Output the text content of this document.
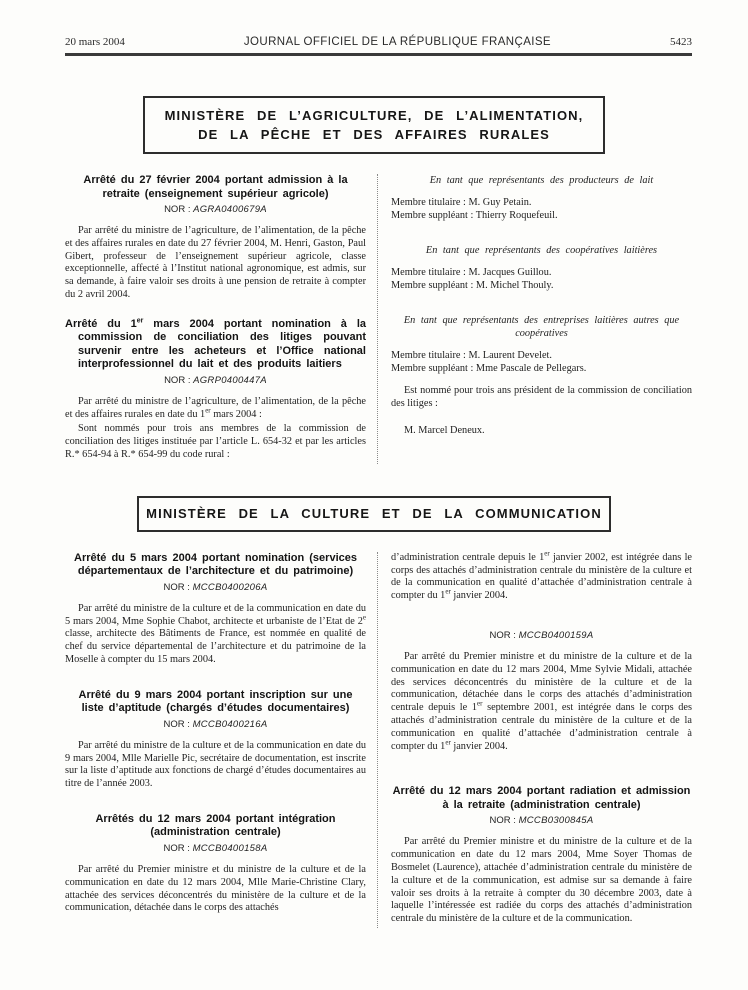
20 mars 2004	JOURNAL OFFICIEL DE LA RÉPUBLIQUE FRANÇAISE	5423
MINISTÈRE DE L’AGRICULTURE, DE L’ALIMENTATION, DE LA PÊCHE ET DES AFFAIRES RURALES

Arrêté du 27 février 2004 portant admission à la retraite (enseignement supérieur agricole)

NOR : AGRA0400679A

Par arrêté du ministre de l’agriculture, de l’alimentation, de la pêche et des affaires rurales en date du 27 février 2004, M. Henri, Gaston, Paul Gibert, professeur de l’enseignement supérieur agricole, classe exceptionnelle, affecté à l’Institut national agronomique, est admis, sur sa demande, à faire valoir ses droits à une pension de retraite à compter du 2 avril 2004.

Arrêté du 1er mars 2004 portant nomination à la commission de conciliation des litiges pouvant survenir entre les acheteurs et l’Office national interprofessionnel du lait et des produits laitiers

NOR : AGRP0400447A

Par arrêté du ministre de l’agriculture, de l’alimentation, de la pêche et des affaires rurales en date du 1er mars 2004 :

Sont nommés pour trois ans membres de la commission de conciliation des litiges instituée par l’article L. 654-32 et par les articles R.* 654-94 à R.* 654-99 du code rural :

En tant que représentants des producteurs de lait

Membre titulaire : M. Guy Petain.

Membre suppléant : Thierry Roquefeuil.

En tant que représentants des coopératives laitières

Membre titulaire : M. Jacques Guillou.

Membre suppléant : M. Michel Thouly.

En tant que représentants des entreprises laitières autres que coopératives

Membre titulaire : M. Laurent Develet.

Membre suppléant : Mme Pascale de Pellegars.

Est nommé pour trois ans président de la commission de conciliation des litiges :

M. Marcel Deneux.

MINISTÈRE DE LA CULTURE ET DE LA COMMUNICATION

Arrêté du 5 mars 2004 portant nomination (services départementaux de l’architecture et du patrimoine)

NOR : MCCB0400206A

Par arrêté du ministre de la culture et de la communication en date du 5 mars 2004, Mme Sophie Chabot, architecte et urbaniste de l’Etat de 2e classe, architecte des Bâtiments de France, est nommée en qualité de chef du service départemental de l’architecture et du patrimoine de la Moselle à compter du 15 mars 2004.

Arrêté du 9 mars 2004 portant inscription sur une liste d’aptitude (chargés d’études documentaires)

NOR : MCCB0400216A

Par arrêté du ministre de la culture et de la communication en date du 9 mars 2004, Mlle Marielle Pic, secrétaire de documentation, est inscrite sur la liste d’aptitude aux fonctions de chargé d’études documentaires au titre de l’année 2003.

Arrêtés du 12 mars 2004 portant intégration (administration centrale)

NOR : MCCB0400158A

Par arrêté du Premier ministre et du ministre de la culture et de la communication en date du 12 mars 2004, Mlle Marie-Christine Clary, attachée des services déconcentrés du ministère de la culture et de la communication, détachée dans le corps des attachés

d’administration centrale depuis le 1er janvier 2002, est intégrée dans le corps des attachés d’administration centrale du ministère de la culture et de la communication en qualité d’attachée d’administration centrale à compter du 1er janvier 2004.

NOR : MCCB0400159A

Par arrêté du Premier ministre et du ministre de la culture et de la communication en date du 12 mars 2004, Mme Sylvie Midali, attachée des services déconcentrés du ministère de la culture et de la communication, détachée dans le corps des attachés d’administration centrale depuis le 1er septembre 2001, est intégrée dans le corps des attachés d’administration centrale du ministère de la culture et de la communication en qualité d’attachée d’administration centrale à compter du 1er janvier 2004.

Arrêté du 12 mars 2004 portant radiation et admission à la retraite (administration centrale)

NOR : MCCB0300845A

Par arrêté du Premier ministre et du ministre de la culture et de la communication en date du 12 mars 2004, Mme Soyer Thomas de Bosmelet (Laurence), attachée d’administration centrale du ministère de la culture et de la communication, est admise sur sa demande à faire valoir ses droits à la retraite à compter du 30 décembre 2003, date à laquelle l’intéressée est radiée du corps des attachés d’administration centrale du ministère de la culture et de la communication.
